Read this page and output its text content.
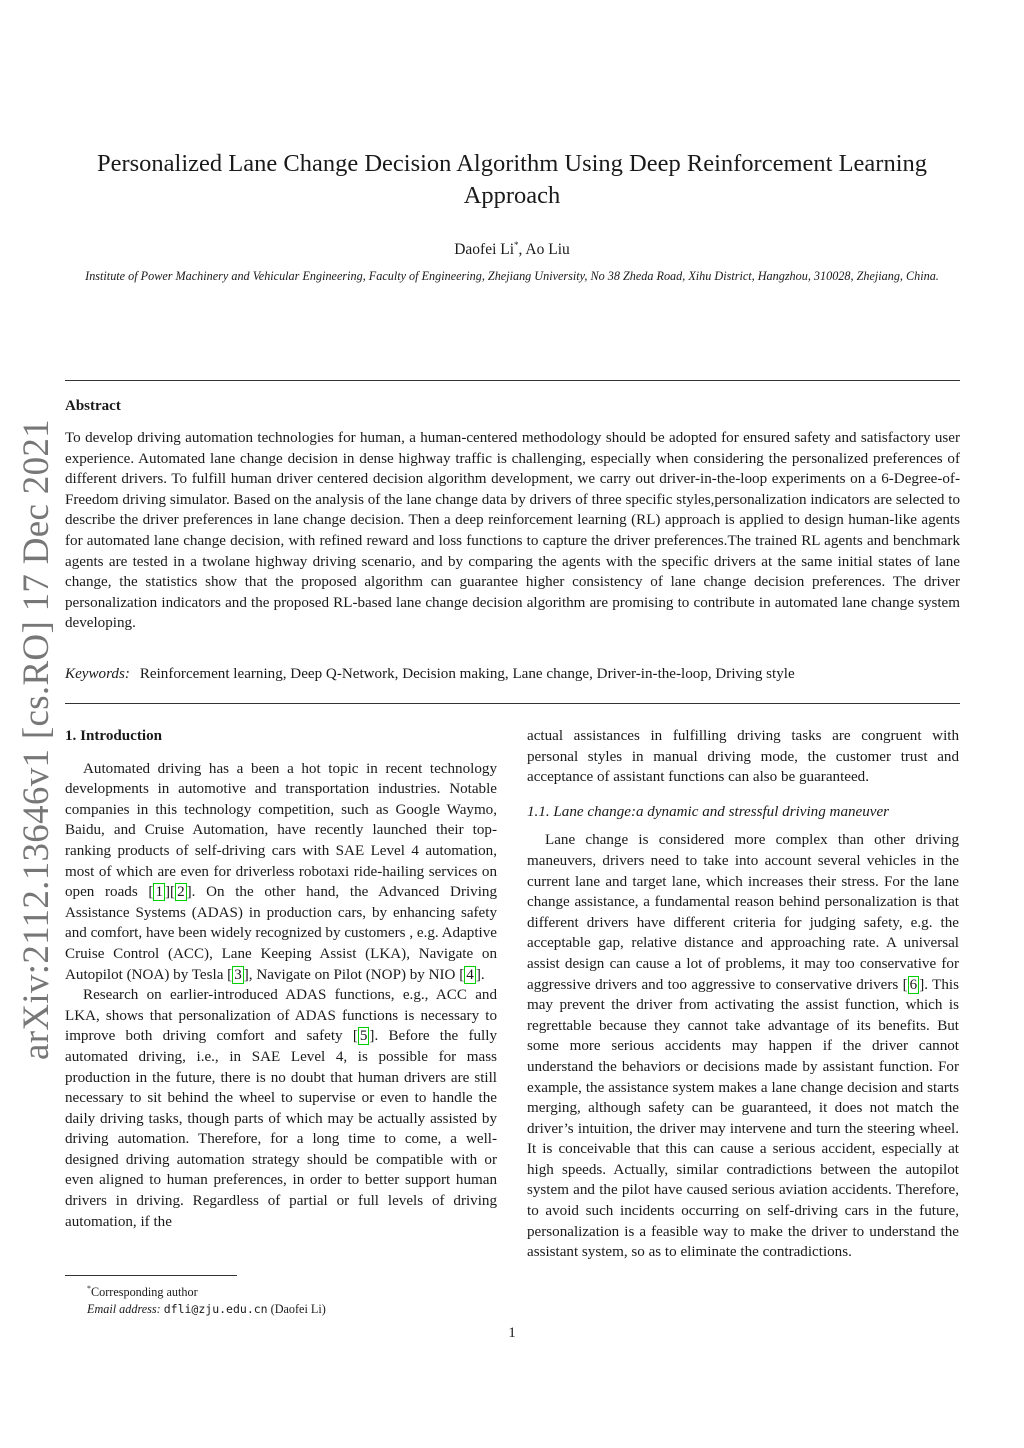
Personalized Lane Change Decision Algorithm Using Deep Reinforcement Learning Approach
Daofei Li*, Ao Liu
Institute of Power Machinery and Vehicular Engineering, Faculty of Engineering, Zhejiang University, No 38 Zheda Road, Xihu District, Hangzhou, 310028, Zhejiang, China.
Abstract
To develop driving automation technologies for human, a human-centered methodology should be adopted for ensured safety and satisfactory user experience. Automated lane change decision in dense highway traffic is challenging, especially when considering the personalized preferences of different drivers. To fulfill human driver centered decision algorithm development, we carry out driver-in-the-loop experiments on a 6-Degree-of-Freedom driving simulator. Based on the analysis of the lane change data by drivers of three specific styles,personalization indicators are selected to describe the driver preferences in lane change decision. Then a deep reinforcement learning (RL) approach is applied to design human-like agents for automated lane change decision, with refined reward and loss functions to capture the driver preferences.The trained RL agents and benchmark agents are tested in a twolane highway driving scenario, and by comparing the agents with the specific drivers at the same initial states of lane change, the statistics show that the proposed algorithm can guarantee higher consistency of lane change decision preferences. The driver personalization indicators and the proposed RL-based lane change decision algorithm are promising to contribute in automated lane change system developing.
Keywords: Reinforcement learning, Deep Q-Network, Decision making, Lane change, Driver-in-the-loop, Driving style
arXiv:2112.13646v1 [cs.RO] 17 Dec 2021 1. Introduction

Automated driving has a been a hot topic in recent technology developments in automotive and transportation industries. Notable companies in this technology competition, such as Google Waymo, Baidu, and Cruise Automation, have recently launched their top-ranking products of self-driving cars with SAE Level 4 automation, most of which are even for driverless robotaxi ride-hailing services on open roads [ 1 ][ 2 ]. On the other hand, the Advanced Driving Assistance Systems (ADAS) in production cars, by enhancing safety and comfort, have been widely recognized by customers , e.g. Adaptive Cruise Control (ACC), Lane Keeping Assist (LKA), Navigate on Autopilot (NOA) by Tesla [ 3 ], Navigate on Pilot (NOP) by NIO [ 4 ].

Research on earlier-introduced ADAS functions, e.g., ACC and LKA, shows that personalization of ADAS functions is necessary to improve both driving comfort and safety [ 5 ]. Before the fully automated driving, i.e., in SAE Level 4, is possible for mass production in the future, there is no doubt that human drivers are still necessary to sit behind the wheel to supervise or even to handle the daily driving tasks, though parts of which may be actually assisted by driving automation. Therefore, for a long time to come, a well-designed driving automation strategy should be compatible with or even aligned to human preferences, in order to better support human drivers in driving. Regardless of partial or full levels of driving automation, if the

actual assistances in fulfilling driving tasks are congruent with personal styles in manual driving mode, the customer trust and acceptance of assistant functions can also be guaranteed.

1.1. Lane change:a dynamic and stressful driving maneuver

Lane change is considered more complex than other driving maneuvers, drivers need to take into account several vehicles in the current lane and target lane, which increases their stress. For the lane change assistance, a fundamental reason behind personalization is that different drivers have different criteria for judging safety, e.g. the acceptable gap, relative distance and approaching rate. A universal assist design can cause a lot of problems, it may too conservative for aggressive drivers and too aggressive to conservative drivers [ 6 ]. This may prevent the driver from activating the assist function, which is regrettable because they cannot take advantage of its benefits. But some more serious accidents may happen if the driver cannot understand the behaviors or decisions made by assistant function. For example, the assistance system makes a lane change decision and starts merging, although safety can be guaranteed, it does not match the driver’s intuition, the driver may intervene and turn the steering wheel. It is conceivable that this can cause a serious accident, especially at high speeds. Actually, similar contradictions between the autopilot system and the pilot have caused serious aviation accidents. Therefore, to avoid such incidents occurring on self-driving cars in the future, personalization is a feasible way to make the driver to understand the assistant system, so as to eliminate the contradictions.

*Corresponding author
Email address: dfli@zju.edu.cn (Daofei Li)
1
